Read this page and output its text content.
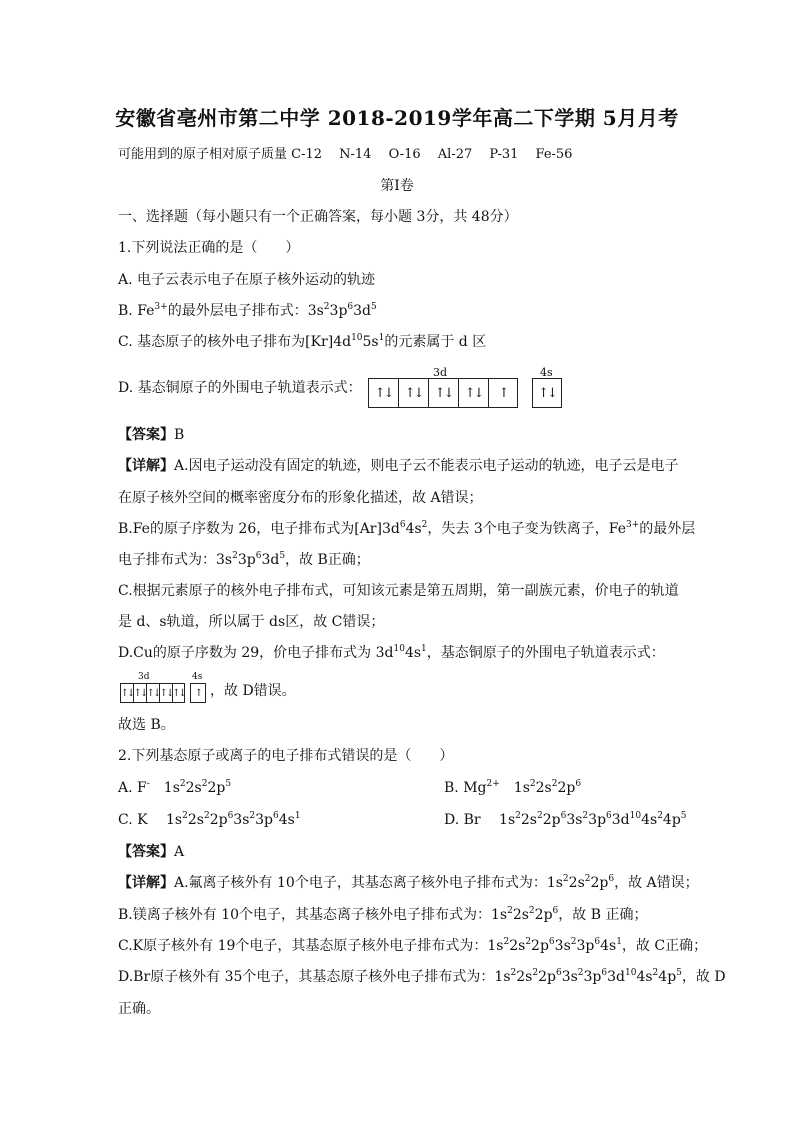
安徽省亳州市第二中学 2018-2019学年高二下学期 5月月考
可能用到的原子相对原子质量 C-12　 N-14　 O-16　 Al-27　 P-31　 Fe-56
第Ⅰ卷
一、选择题（每小题只有一个正确答案，每小题 3分，共 48分）
1.下列说法正确的是（　　）
A. 电子云表示电子在原子核外运动的轨迹
B. $Fe^{3+}$的最外层电子排布式：$3s^23p^63d^5$
C. 基态原子的核外电子排布为$[Kr]4d^{10}5s^1$的元素属于 d 区
D. 基态铜原子的外围电子轨道表示式：
3d	4s
↑↓ ↑↓ ↑↓ ↑↓	↑	↑↓
【答案】B
【详解】A.因电子运动没有固定的轨迹，则电子云不能表示电子运动的轨迹，电子云是电子
在原子核外空间的概率密度分布的形象化描述，故 A错误；
B.Fe的原子序数为 26，电子排布式为$[Ar]3d^64s^2$，失去 3个电子变为铁离子，$Fe^{3+}$的最外层
电子排布式为：$3s^23p^63d^5$，故 B正确；
C.根据元素原子的核外电子排布式，可知该元素是第五周期，第一副族元素，价电子的轨道
是 d、s轨道，所以属于 ds区，故 C错误；
D.Cu的原子序数为 29，价电子排布式为 $3d^{10}4s^1$，基态铜原子的外围电子轨道表示式：
3d	4s
↑↓ ↑↓ ↑↓ ↑↓ ↑↓ ↑ ，故 D错误。
故选 B。
2.下列基态原子或离子的电子排布式错误的是（　　）
A. F-　$1s^22s^22p^5$	B. $Mg^{2+}$　$1s^22s^22p^6$
C. K　 $1s^22s^22p^63s^23p^64s^1$	D. Br　 $1s^22s^22p^63s^23p^63d^{10}4s^24p^5$
【答案】A
【详解】A.氟离子核外有 10个电子，其基态离子核外电子排布式为：$1s^22s^22p^6$，故 A错误；
B.镁离子核外有 10个电子，其基态离子核外电子排布式为：$1s^22s^22p^6$，故 B 正确；
C.K原子核外有 19个电子，其基态原子核外电子排布式为：$1s^22s^22p^63s^23p^64s^1$，故 C正确；
D.Br原子核外有 35个电子，其基态原子核外电子排布式为：$1s^22s^22p^63s^23p^63d^{10}4s^24p^5$，故 D
正确。
